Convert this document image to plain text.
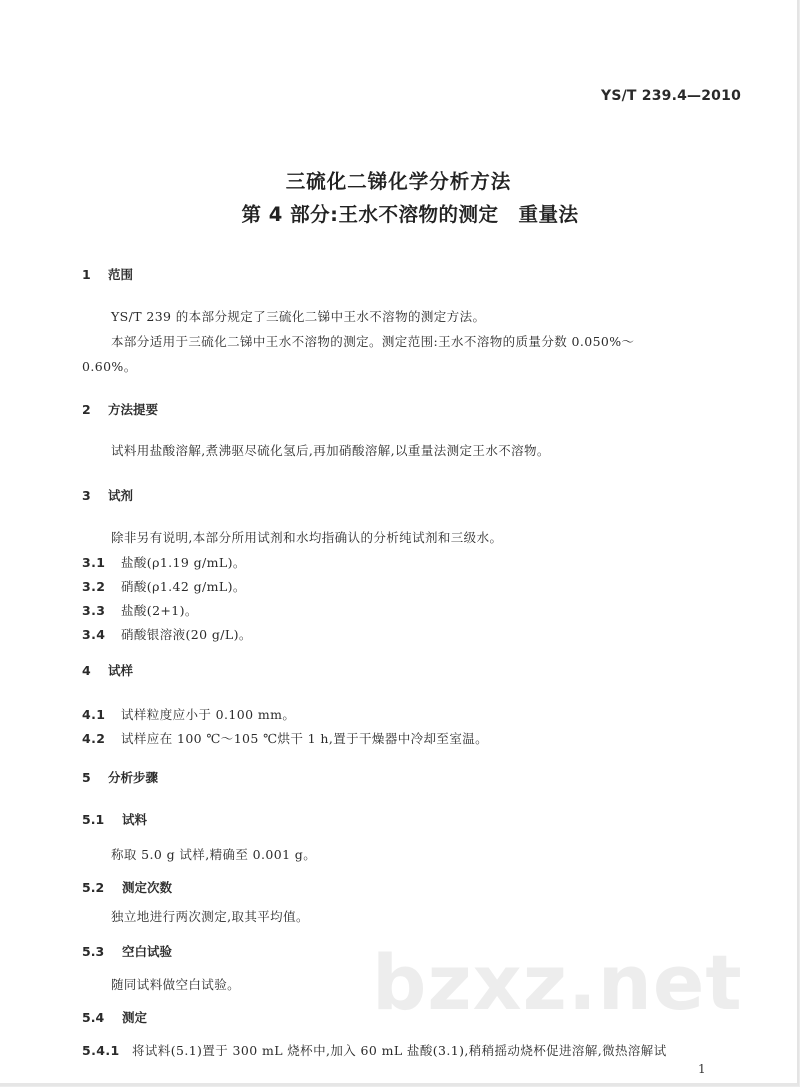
bzxz.net
YS/T 239.4—2010
三硫化二锑化学分析方法
第 4 部分:王水不溶物的测定　重量法
1 范围
YS/T 239 的本部分规定了三硫化二锑中王水不溶物的测定方法。
本部分适用于三硫化二锑中王水不溶物的测定。测定范围:王水不溶物的质量分数 0.050%～
0.60%。
2 方法提要
试料用盐酸溶解,煮沸驱尽硫化氢后,再加硝酸溶解,以重量法测定王水不溶物。
3 试剂
除非另有说明,本部分所用试剂和水均指确认的分析纯试剂和三级水。
3.1 盐酸(ρ1.19 g/mL)。
3.2 硝酸(ρ1.42 g/mL)。
3.3 盐酸(2+1)。
3.4 硝酸银溶液(20 g/L)。
4 试样
4.1 试样粒度应小于 0.100 mm。
4.2 试样应在 100 ℃～105 ℃烘干 1 h,置于干燥器中冷却至室温。
5 分析步骤
5.1 试料
称取 5.0 g 试样,精确至 0.001 g。
5.2 测定次数
独立地进行两次测定,取其平均值。
5.3 空白试验
随同试料做空白试验。
5.4 测定
5.4.1 将试料(5.1)置于 300 mL 烧杯中,加入 60 mL 盐酸(3.1),稍稍摇动烧杯促进溶解,微热溶解试
1
